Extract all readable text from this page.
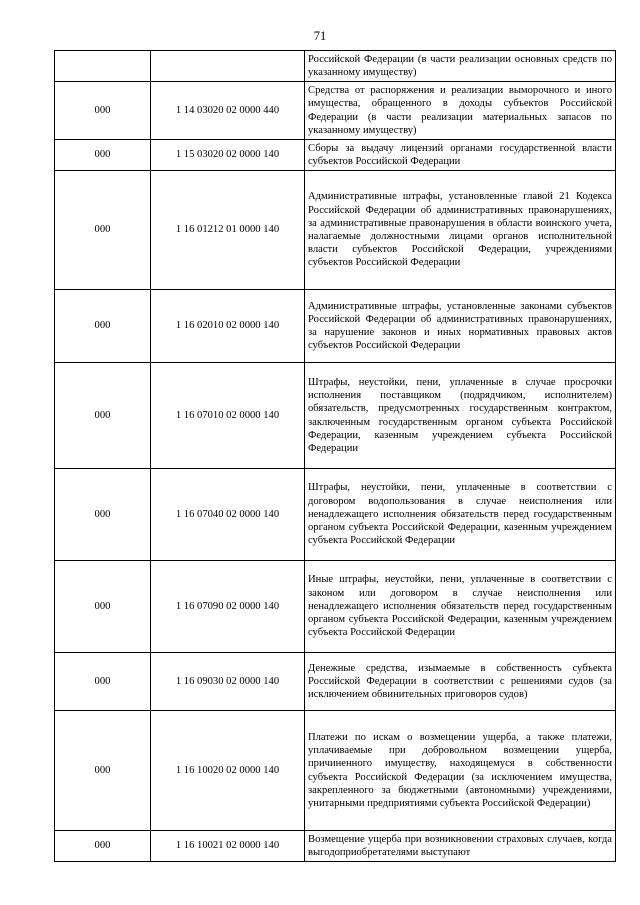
71
		Российской Федерации (в части реализации основных средств по указанному имуществу)
000	1 14 03020 02 0000 440	Средства от распоряжения и реализации выморочного и иного имущества, обращенного в доходы субъектов Российской Федерации (в части реализации материальных запасов по указанному имуществу)
000	1 15 03020 02 0000 140	Сборы за выдачу лицензий органами государственной власти субъектов Российской Федерации
000	1 16 01212 01 0000 140	Административные штрафы, установленные главой 21 Кодекса Российской Федерации об административных правонарушениях, за административные правонарушения в области воинского учета, налагаемые должностными лицами органов исполнительной власти субъектов Российской Федерации, учреждениями субъектов Российской Федерации
000	1 16 02010 02 0000 140	Административные штрафы, установленные законами субъектов Российской Федерации об административных правонарушениях, за нарушение законов и иных нормативных правовых актов субъектов Российской Федерации
000	1 16 07010 02 0000 140	Штрафы, неустойки, пени, уплаченные в случае просрочки исполнения поставщиком (подрядчиком, исполнителем) обязательств, предусмотренных государственным контрактом, заключенным государственным органом субъекта Российской Федерации, казенным учреждением субъекта Российской Федерации
000	1 16 07040 02 0000 140	Штрафы, неустойки, пени, уплаченные в соответствии с договором водопользования в случае неисполнения или ненадлежащего исполнения обязательств перед государственным органом субъекта Российской Федерации, казенным учреждением субъекта Российской Федерации
000	1 16 07090 02 0000 140	Иные штрафы, неустойки, пени, уплаченные в соответствии с законом или договором в случае неисполнения или ненадлежащего исполнения обязательств перед государственным органом субъекта Российской Федерации, казенным учреждением субъекта Российской Федерации
000	1 16 09030 02 0000 140	Денежные средства, изымаемые в собственность субъекта Российской Федерации в соответствии с решениями судов (за исключением обвинительных приговоров судов)
000	1 16 10020 02 0000 140	Платежи по искам о возмещении ущерба, а также платежи, уплачиваемые при добровольном возмещении ущерба, причиненного имуществу, находящемуся в собственности субъекта Российской Федерации (за исключением имущества, закрепленного за бюджетными (автономными) учреждениями, унитарными предприятиями субъекта Российской Федерации)
000	1 16 10021 02 0000 140	Возмещение ущерба при возникновении страховых случаев, когда выгодоприобретателями выступают
